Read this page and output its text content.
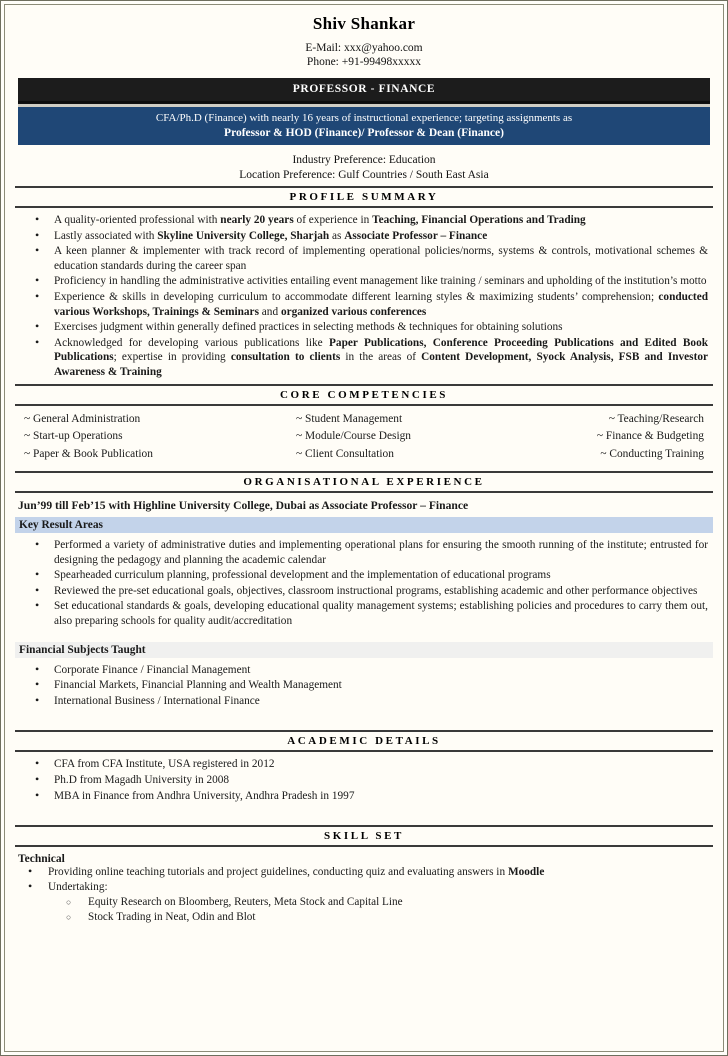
Shiv Shankar
E-Mail: xxx@yahoo.com
Phone: +91-99498xxxxx
PROFESSOR - FINANCE
CFA/Ph.D (Finance) with nearly 16 years of instructional experience; targeting assignments as
Professor & HOD (Finance)/ Professor & Dean (Finance)
Industry Preference: Education
Location Preference: Gulf Countries / South East Asia
PROFILE SUMMARY
• A quality-oriented professional with nearly 20 years of experience in Teaching, Financial Operations and Trading
• Lastly associated with Skyline University College, Sharjah as Associate Professor – Finance
• A keen planner & implementer with track record of implementing operational policies/norms, systems & controls, motivational schemes & education standards during the career span
• Proficiency in handling the administrative activities entailing event management like training / seminars and upholding of the institution’s motto
• Experience & skills in developing curriculum to accommodate different learning styles & maximizing students’ comprehension; conducted various Workshops, Trainings & Seminars and organized various conferences
• Exercises judgment within generally defined practices in selecting methods & techniques for obtaining solutions
• Acknowledged for developing various publications like Paper Publications, Conference Proceeding Publications and Edited Book Publications; expertise in providing consultation to clients in the areas of Content Development, Syock Analysis, FSB and Investor Awareness & Training
CORE COMPETENCIES
~ General Administration
~ Start-up Operations
~ Paper & Book Publication
~ Student Management
~ Module/Course Design
~ Client Consultation
~ Teaching/Research
~ Finance & Budgeting
~ Conducting Training
ORGANISATIONAL EXPERIENCE
Jun’99 till Feb’15 with Highline University College, Dubai as Associate Professor – Finance
Key Result Areas
• Performed a variety of administrative duties and implementing operational plans for ensuring the smooth running of the institute; entrusted for designing the pedagogy and planning the academic calendar
• Spearheaded curriculum planning, professional development and the implementation of educational programs
• Reviewed the pre-set educational goals, objectives, classroom instructional programs, establishing academic and other performance objectives
• Set educational standards & goals, developing educational quality management systems; establishing policies and procedures to carry them out, also preparing schools for quality audit/accreditation
Financial Subjects Taught
• Corporate Finance / Financial Management
• Financial Markets, Financial Planning and Wealth Management
• International Business / International Finance
ACADEMIC DETAILS
• CFA from CFA Institute, USA registered in 2012
• Ph.D from Magadh University in 2008
• MBA in Finance from Andhra University, Andhra Pradesh in 1997
SKILL SET
Technical
• Providing online teaching tutorials and project guidelines, conducting quiz and evaluating answers in Moodle
• Undertaking:
○ Equity Research on Bloomberg, Reuters, Meta Stock and Capital Line
○ Stock Trading in Neat, Odin and Blot
